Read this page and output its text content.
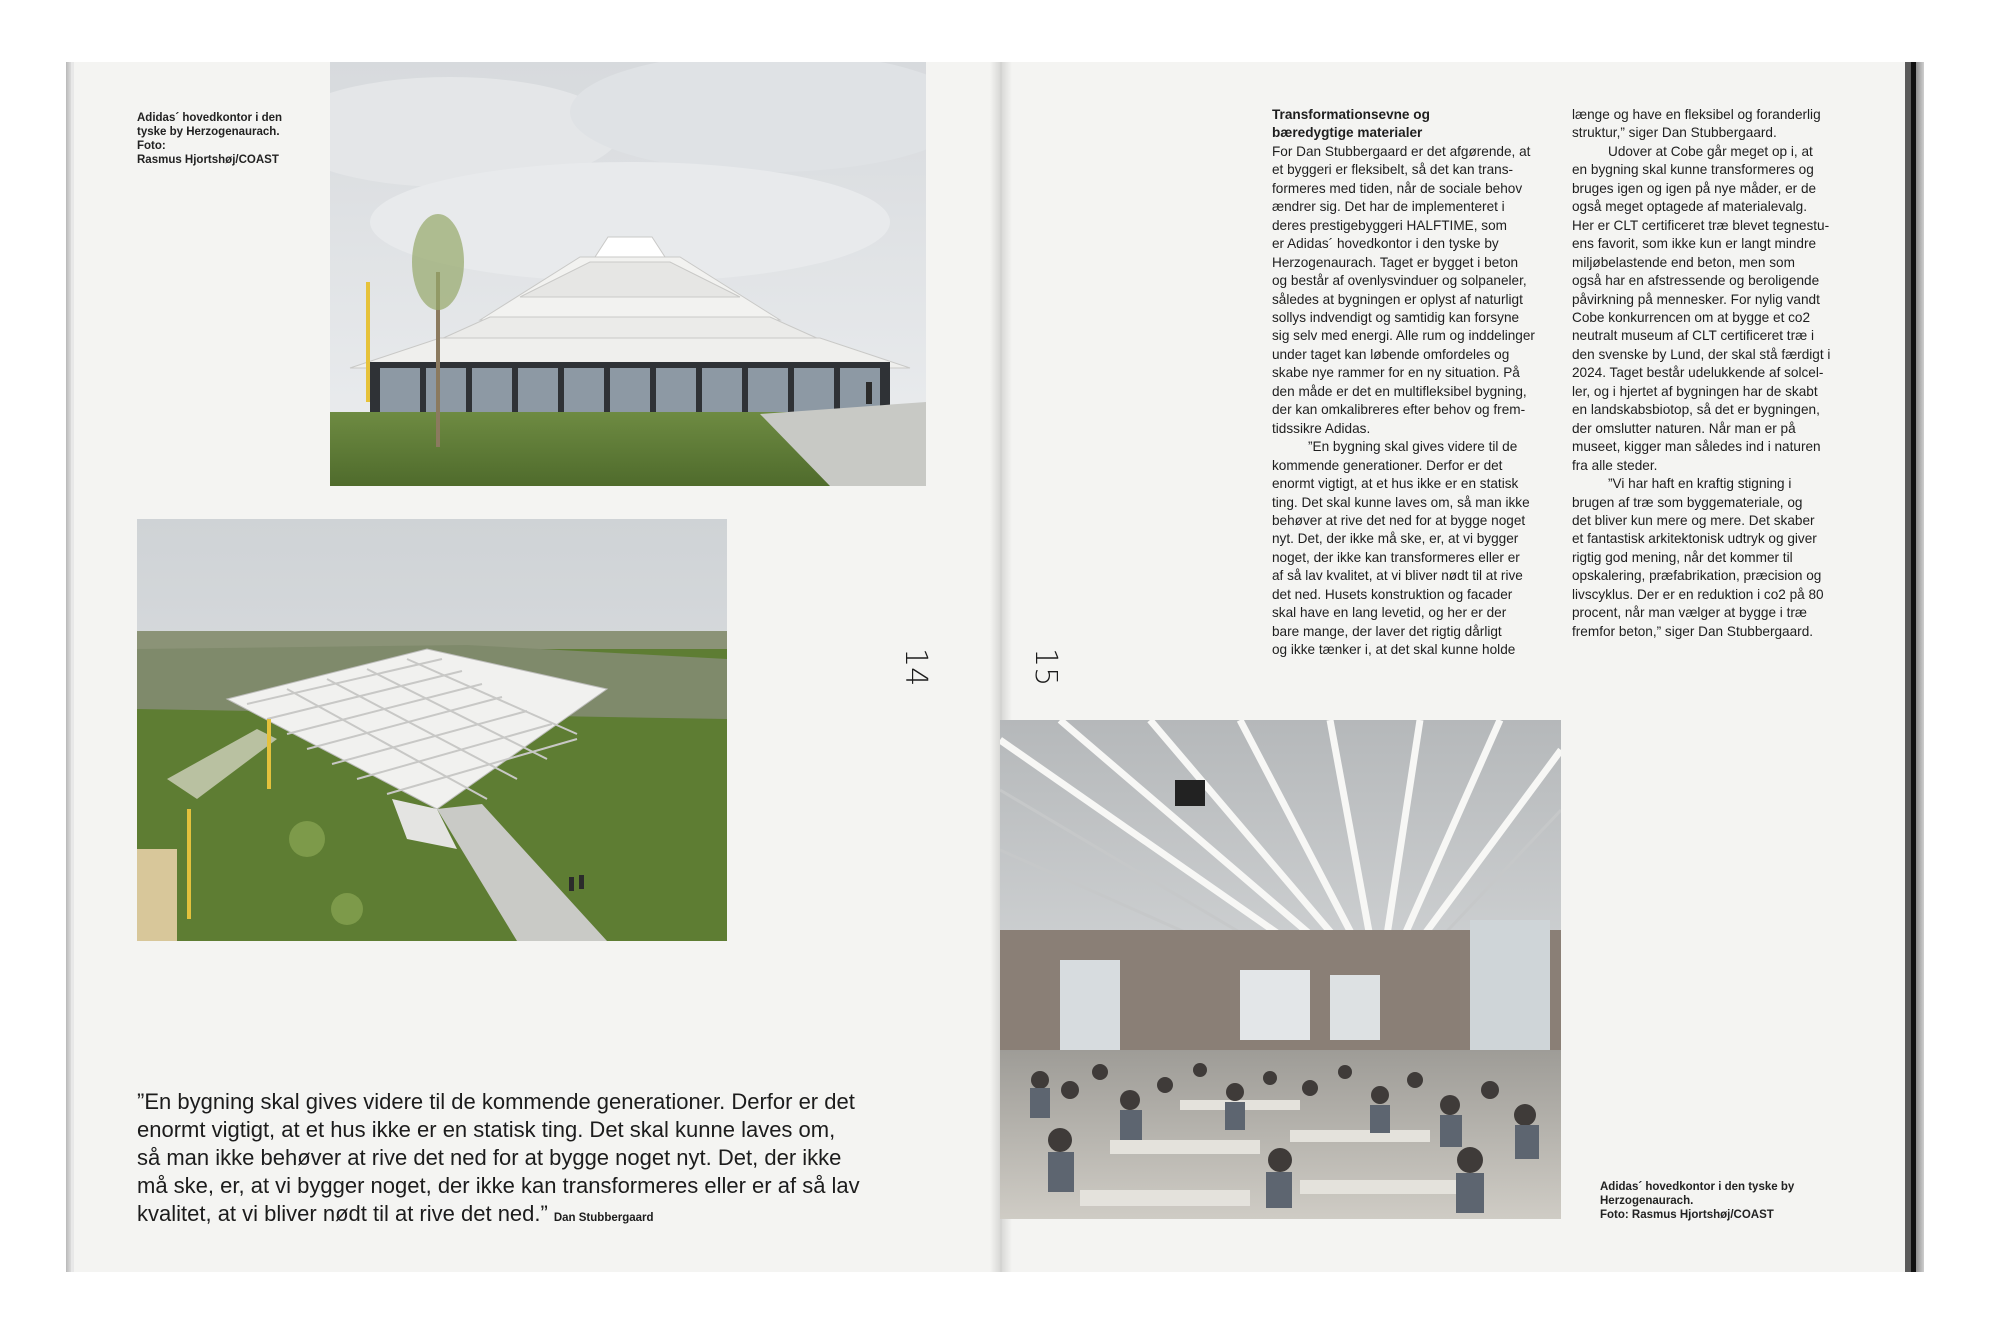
Adidas´ hovedkontor i den
tyske by Herzogenaurach.
Foto:
Rasmus Hjortshøj/COAST
”En bygning skal gives videre til de kommende generationer. Derfor er det
enormt vigtigt, at et hus ikke er en statisk ting. Det skal kunne laves om,
så man ikke behøver at rive det ned for at bygge noget nyt. Det, der ikke
må ske, er, at vi bygger noget, der ikke kan transformeres eller er af så lav
kvalitet, at vi bliver nødt til at rive det ned.” Dan Stubbergaard
14	15
Transformationsevne og
bæredygtige materialer
For Dan Stubbergaard er det afgørende, at
et byggeri er fleksibelt, så det kan trans-
formeres med tiden, når de sociale behov
ændrer sig. Det har de implementeret i
deres prestigebyggeri HALFTIME, som
er Adidas´ hovedkontor i den tyske by
Herzogenaurach. Taget er bygget i beton
og består af ovenlysvinduer og solpaneler,
således at bygningen er oplyst af naturligt
sollys indvendigt og samtidig kan forsyne
sig selv med energi. Alle rum og inddelinger
under taget kan løbende omfordeles og
skabe nye rammer for en ny situation. På
den måde er det en multifleksibel bygning,
der kan omkalibreres efter behov og frem-
tidssikre Adidas.
”En bygning skal gives videre til de
kommende generationer. Derfor er det
enormt vigtigt, at et hus ikke er en statisk
ting. Det skal kunne laves om, så man ikke
behøver at rive det ned for at bygge noget
nyt. Det, der ikke må ske, er, at vi bygger
noget, der ikke kan transformeres eller er
af så lav kvalitet, at vi bliver nødt til at rive
det ned. Husets konstruktion og facader
skal have en lang levetid, og her er der
bare mange, der laver det rigtig dårligt
og ikke tænker i, at det skal kunne holde
længe og have en fleksibel og foranderlig
struktur,” siger Dan Stubbergaard.
Udover at Cobe går meget op i, at
en bygning skal kunne transformeres og
bruges igen og igen på nye måder, er de
også meget optagede af materialevalg.
Her er CLT certificeret træ blevet tegnestu-
ens favorit, som ikke kun er langt mindre
miljøbelastende end beton, men som
også har en afstressende og beroligende
påvirkning på mennesker. For nylig vandt
Cobe konkurrencen om at bygge et co2
neutralt museum af CLT certificeret træ i
den svenske by Lund, der skal stå færdigt i
2024. Taget består udelukkende af solcel-
ler, og i hjertet af bygningen har de skabt
en landskabsbiotop, så det er bygningen,
der omslutter naturen. Når man er på
museet, kigger man således ind i naturen
fra alle steder.
”Vi har haft en kraftig stigning i
brugen af træ som byggemateriale, og
det bliver kun mere og mere. Det skaber
et fantastisk arkitektonisk udtryk og giver
rigtig god mening, når det kommer til
opskalering, præfabrikation, præcision og
livscyklus. Der er en reduktion i co2 på 80
procent, når man vælger at bygge i træ
fremfor beton,” siger Dan Stubbergaard.
Adidas´ hovedkontor i den tyske by
Herzogenaurach.
Foto: Rasmus Hjortshøj/COAST
